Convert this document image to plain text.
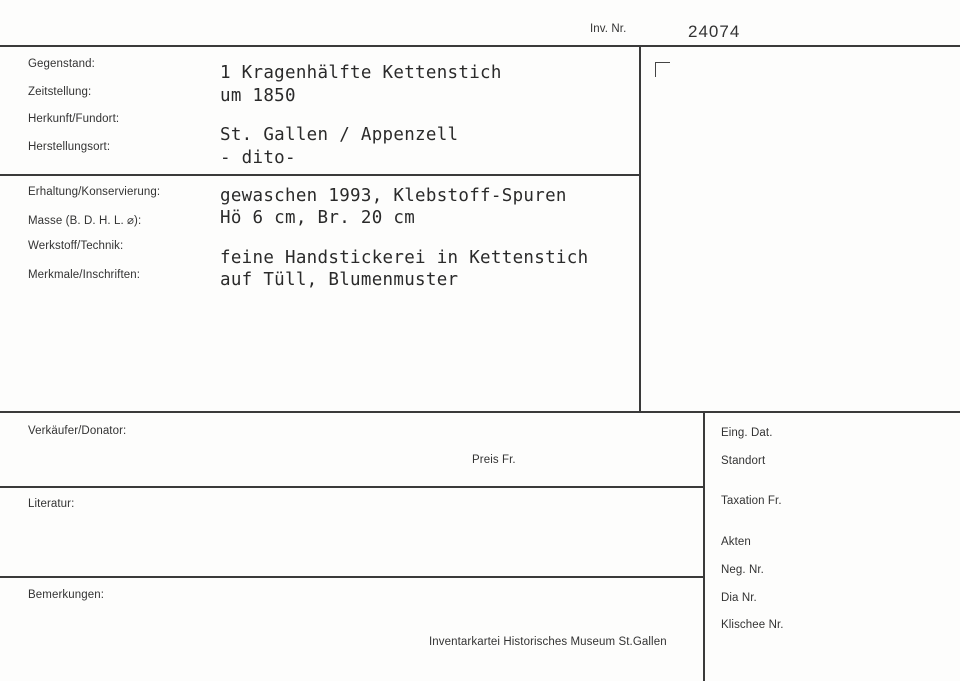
Inv. Nr.	24074
Gegenstand:
Zeitstellung:
Herkunft/Fundort:
Herstellungsort:
1 Kragenhälfte Kettenstich
um 1850
St. Gallen / Appenzell
- dito-
Erhaltung/Konservierung:
Masse (B. D. H. L. ⌀):
Werkstoff/Technik:
Merkmale/Inschriften:
gewaschen 1993, Klebstoff-Spuren
Hö 6 cm, Br. 20 cm
feine Handstickerei in Kettenstich
auf Tüll, Blumenmuster
Verkäufer/Donator:
Preis Fr.
Literatur:
Bemerkungen:
Inventarkartei Historisches Museum St.Gallen
Eing. Dat.
Standort
Taxation Fr.
Akten
Neg. Nr.
Dia Nr.
Klischee Nr.
